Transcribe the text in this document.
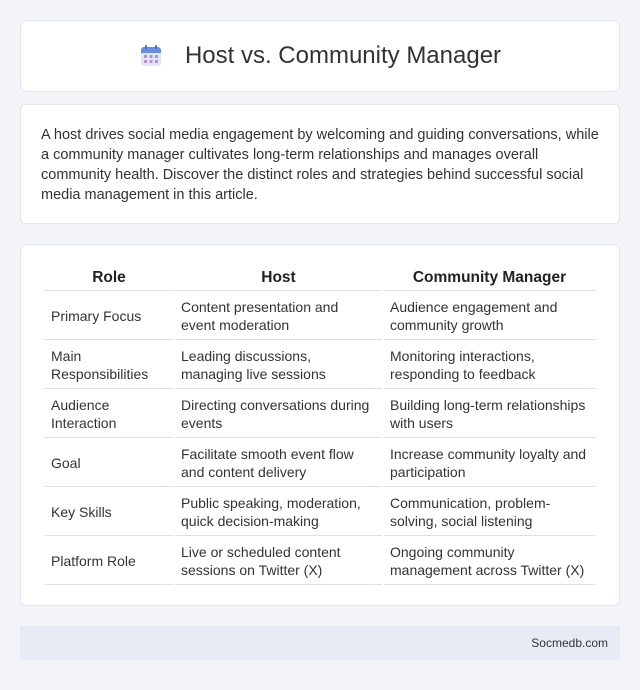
Host vs. Community Manager

A host drives social media engagement by welcoming and guiding conversations, while a community manager cultivates long-term relationships and manages overall community health. Discover the distinct roles and strategies behind successful social media management in this article.

Role	Host	Community Manager
Primary Focus	Content presentation and event moderation	Audience engagement and community growth
Main Responsibilities	Leading discussions, managing live sessions	Monitoring interactions, responding to feedback
Audience Interaction	Directing conversations during events	Building long-term relationships with users
Goal	Facilitate smooth event flow and content delivery	Increase community loyalty and participation
Key Skills	Public speaking, moderation, quick decision-making	Communication, problem-solving, social listening
Platform Role	Live or scheduled content sessions on Twitter (X)	Ongoing community management across Twitter (X)
Socmedb.com
